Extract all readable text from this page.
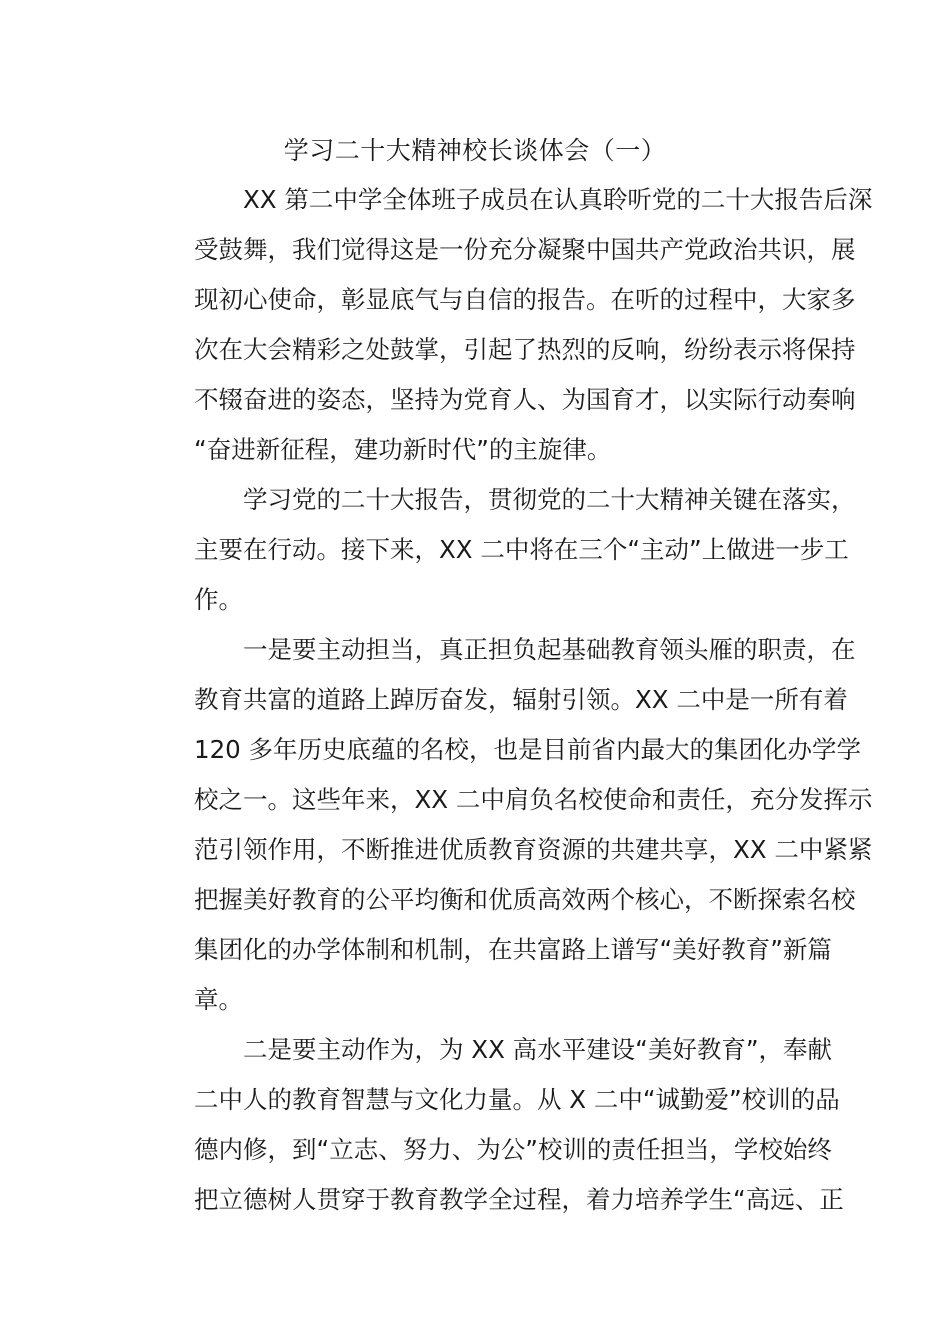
学习二十大精神校长谈体会（一）
XX 第二中学全体班子成员在认真聆听党的二十大报告后深
受鼓舞，我们觉得这是一份充分凝聚中国共产党政治共识，展
现初心使命，彰显底气与自信的报告。在听的过程中，大家多
次在大会精彩之处鼓掌，引起了热烈的反响，纷纷表示将保持
不辍奋进的姿态，坚持为党育人、为国育才，以实际行动奏响
“奋进新征程，建功新时代”的主旋律。
学习党的二十大报告，贯彻党的二十大精神关键在落实，
主要在行动。接下来，XX 二中将在三个“主动”上做进一步工
作。
一是要主动担当，真正担负起基础教育领头雁的职责，在
教育共富的道路上踔厉奋发，辐射引领。XX 二中是一所有着
120 多年历史底蕴的名校，也是目前省内最大的集团化办学学
校之一。这些年来，XX 二中肩负名校使命和责任，充分发挥示
范引领作用，不断推进优质教育资源的共建共享，XX 二中紧紧
把握美好教育的公平均衡和优质高效两个核心，不断探索名校
集团化的办学体制和机制，在共富路上谱写“美好教育”新篇
章。
二是要主动作为，为 XX 高水平建设“美好教育”，奉献
二中人的教育智慧与文化力量。从 X 二中“诚勤爱”校训的品
德内修，到“立志、努力、为公”校训的责任担当，学校始终
把立德树人贯穿于教育教学全过程，着力培养学生“高远、正
